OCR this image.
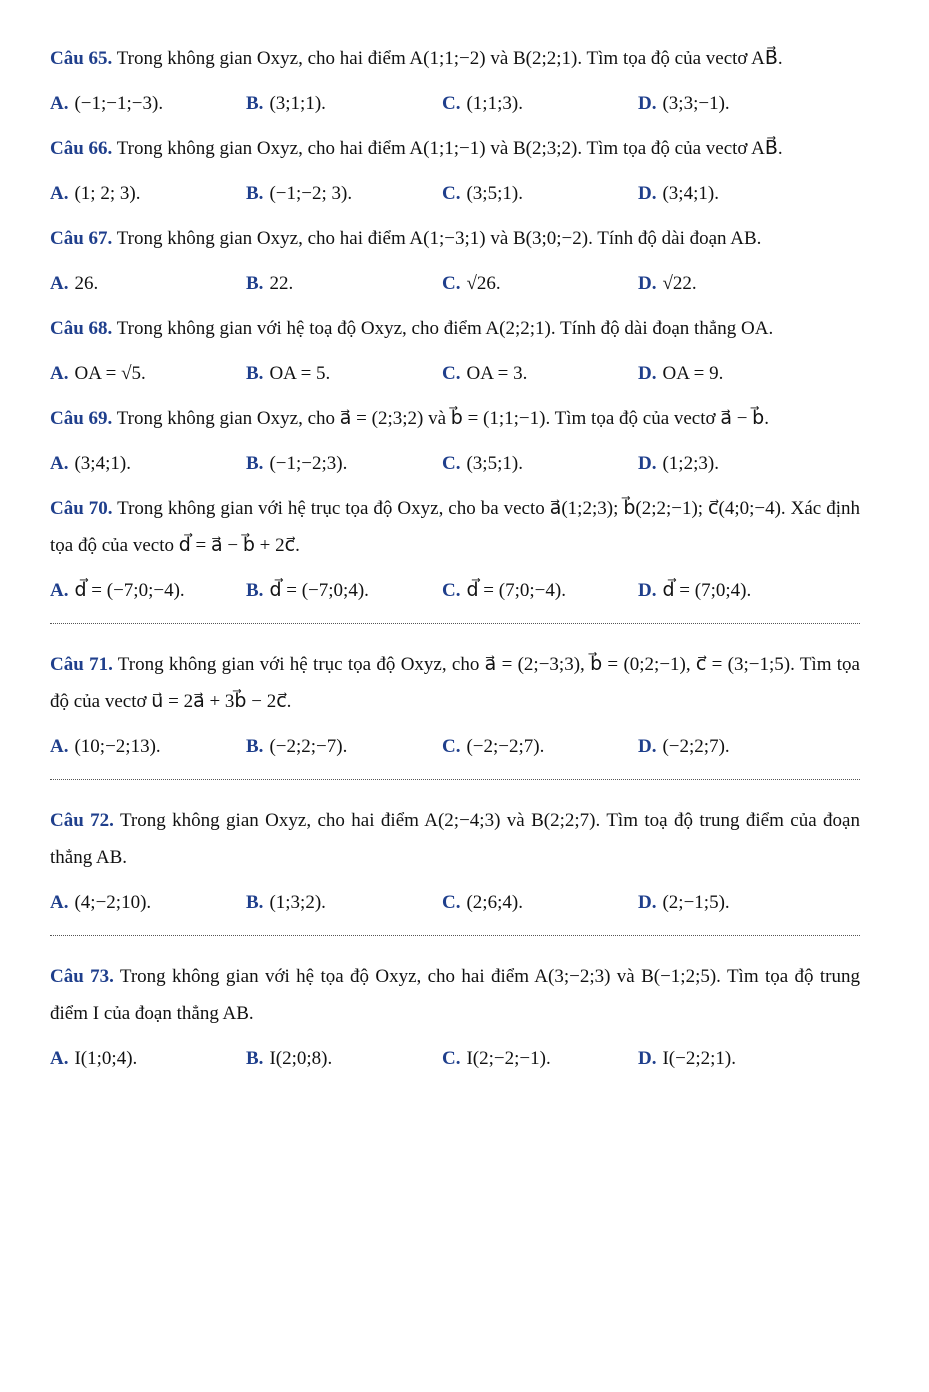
Câu 65. Trong không gian Oxyz, cho hai điểm A(1;1;−2) và B(2;2;1). Tìm tọa độ của vectơ AB⃗.
A. (−1;−1;−3).	B. (3;1;1).	C. (1;1;3).	D. (3;3;−1).
Câu 66. Trong không gian Oxyz, cho hai điểm A(1;1;−1) và B(2;3;2). Tìm tọa độ của vectơ AB⃗.
A. (1; 2; 3).	B. (−1;−2; 3).	C. (3;5;1).	D. (3;4;1).
Câu 67. Trong không gian Oxyz, cho hai điểm A(1;−3;1) và B(3;0;−2). Tính độ dài đoạn AB.
A. 26.	B. 22.	C. √26.	D. √22.
Câu 68. Trong không gian với hệ toạ độ Oxyz, cho điểm A(2;2;1). Tính độ dài đoạn thẳng OA.
A. OA = √5.	B. OA = 5.	C. OA = 3.	D. OA = 9.
Câu 69. Trong không gian Oxyz, cho a⃗ = (2;3;2) và b⃗ = (1;1;−1). Tìm tọa độ của vectơ a⃗ − b⃗.
A. (3;4;1).	B. (−1;−2;3).	C. (3;5;1).	D. (1;2;3).
Câu 70. Trong không gian với hệ trục tọa độ Oxyz, cho ba vecto a⃗(1;2;3); b⃗(2;2;−1); c⃗(4;0;−4). Xác định tọa độ của vecto d⃗ = a⃗ − b⃗ + 2c⃗.
A. d⃗ = (−7;0;−4).	B. d⃗ = (−7;0;4).	C. d⃗ = (7;0;−4).	D. d⃗ = (7;0;4).
Câu 71. Trong không gian với hệ trục tọa độ Oxyz, cho a⃗ = (2;−3;3), b⃗ = (0;2;−1), c⃗ = (3;−1;5). Tìm tọa độ của vectơ u⃗ = 2a⃗ + 3b⃗ − 2c⃗.
A. (10;−2;13).	B. (−2;2;−7).	C. (−2;−2;7).	D. (−2;2;7).
Câu 72. Trong không gian Oxyz, cho hai điểm A(2;−4;3) và B(2;2;7). Tìm toạ độ trung điểm của đoạn thẳng AB.
A. (4;−2;10).	B. (1;3;2).	C. (2;6;4).	D. (2;−1;5).
Câu 73. Trong không gian với hệ tọa độ Oxyz, cho hai điểm A(3;−2;3) và B(−1;2;5). Tìm tọa độ trung điểm I của đoạn thẳng AB.
A. I(1;0;4).	B. I(2;0;8).	C. I(2;−2;−1).	D. I(−2;2;1).
